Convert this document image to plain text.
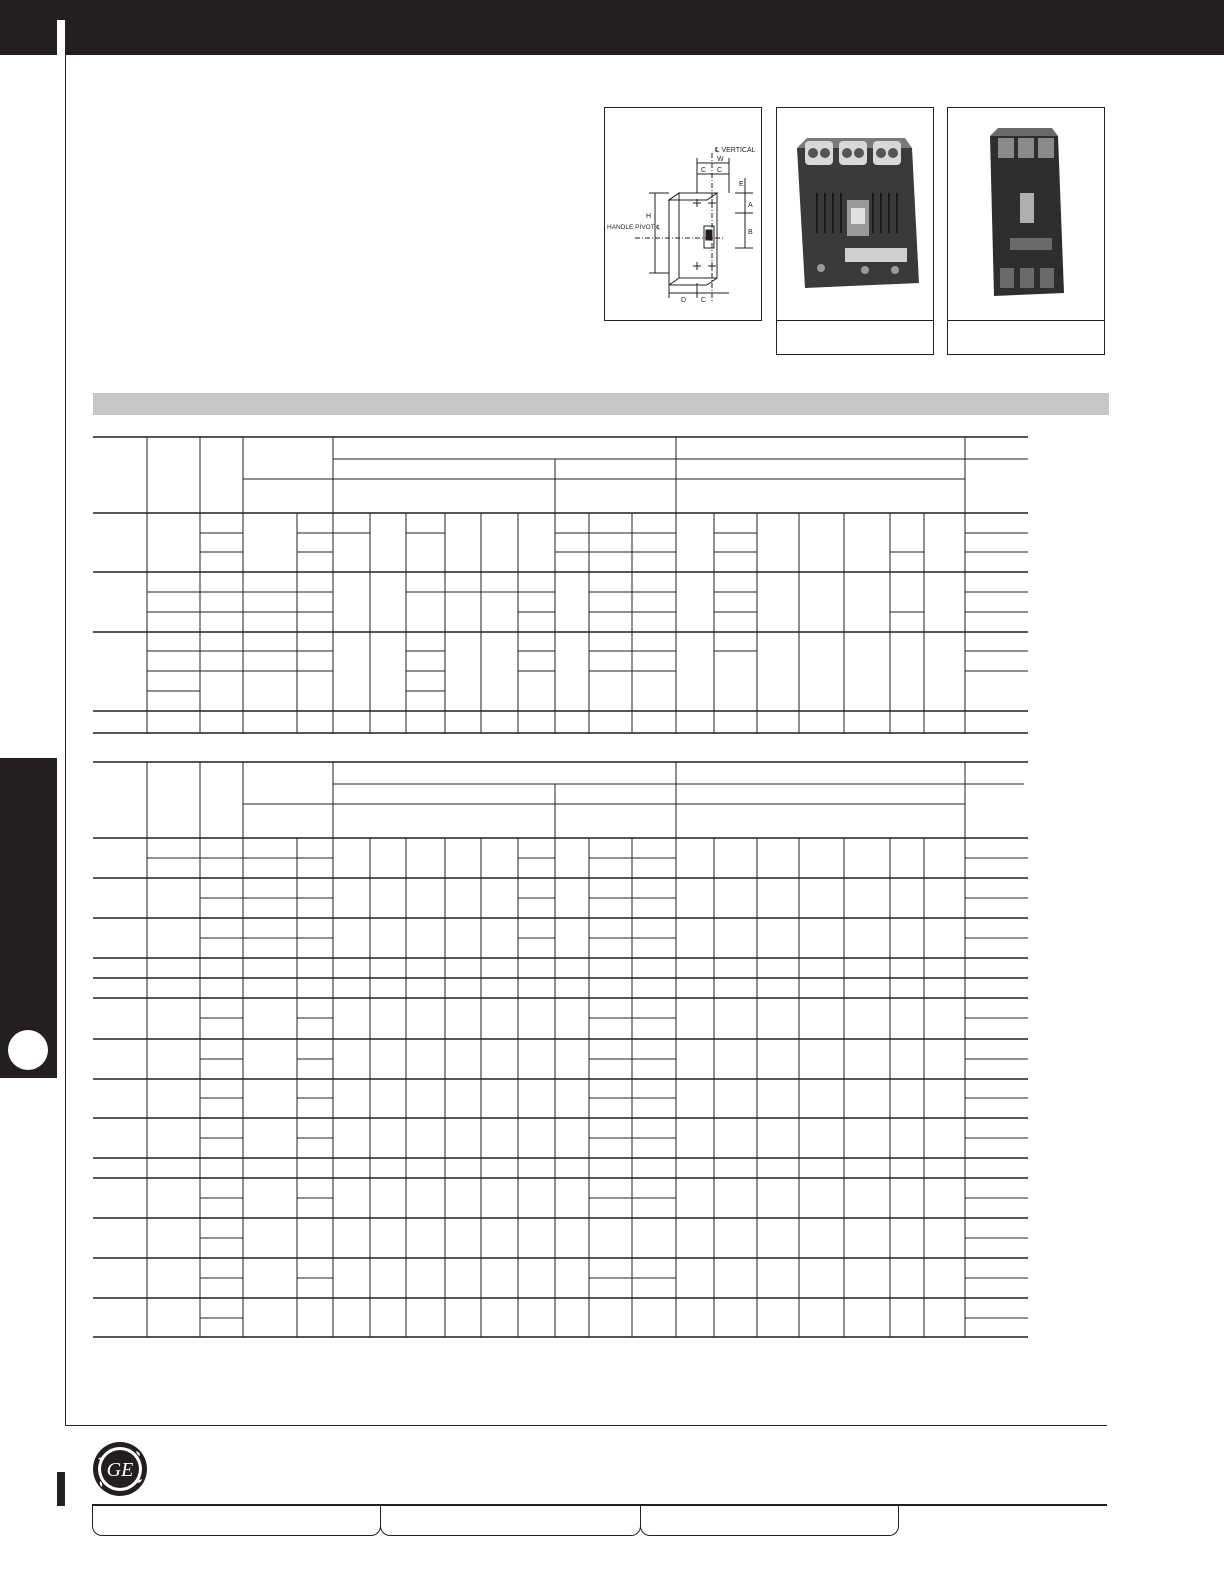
℄ VERTICAL
W
C C
E
A
B
H
D C
HANDLE PIVOT ℄
GE
